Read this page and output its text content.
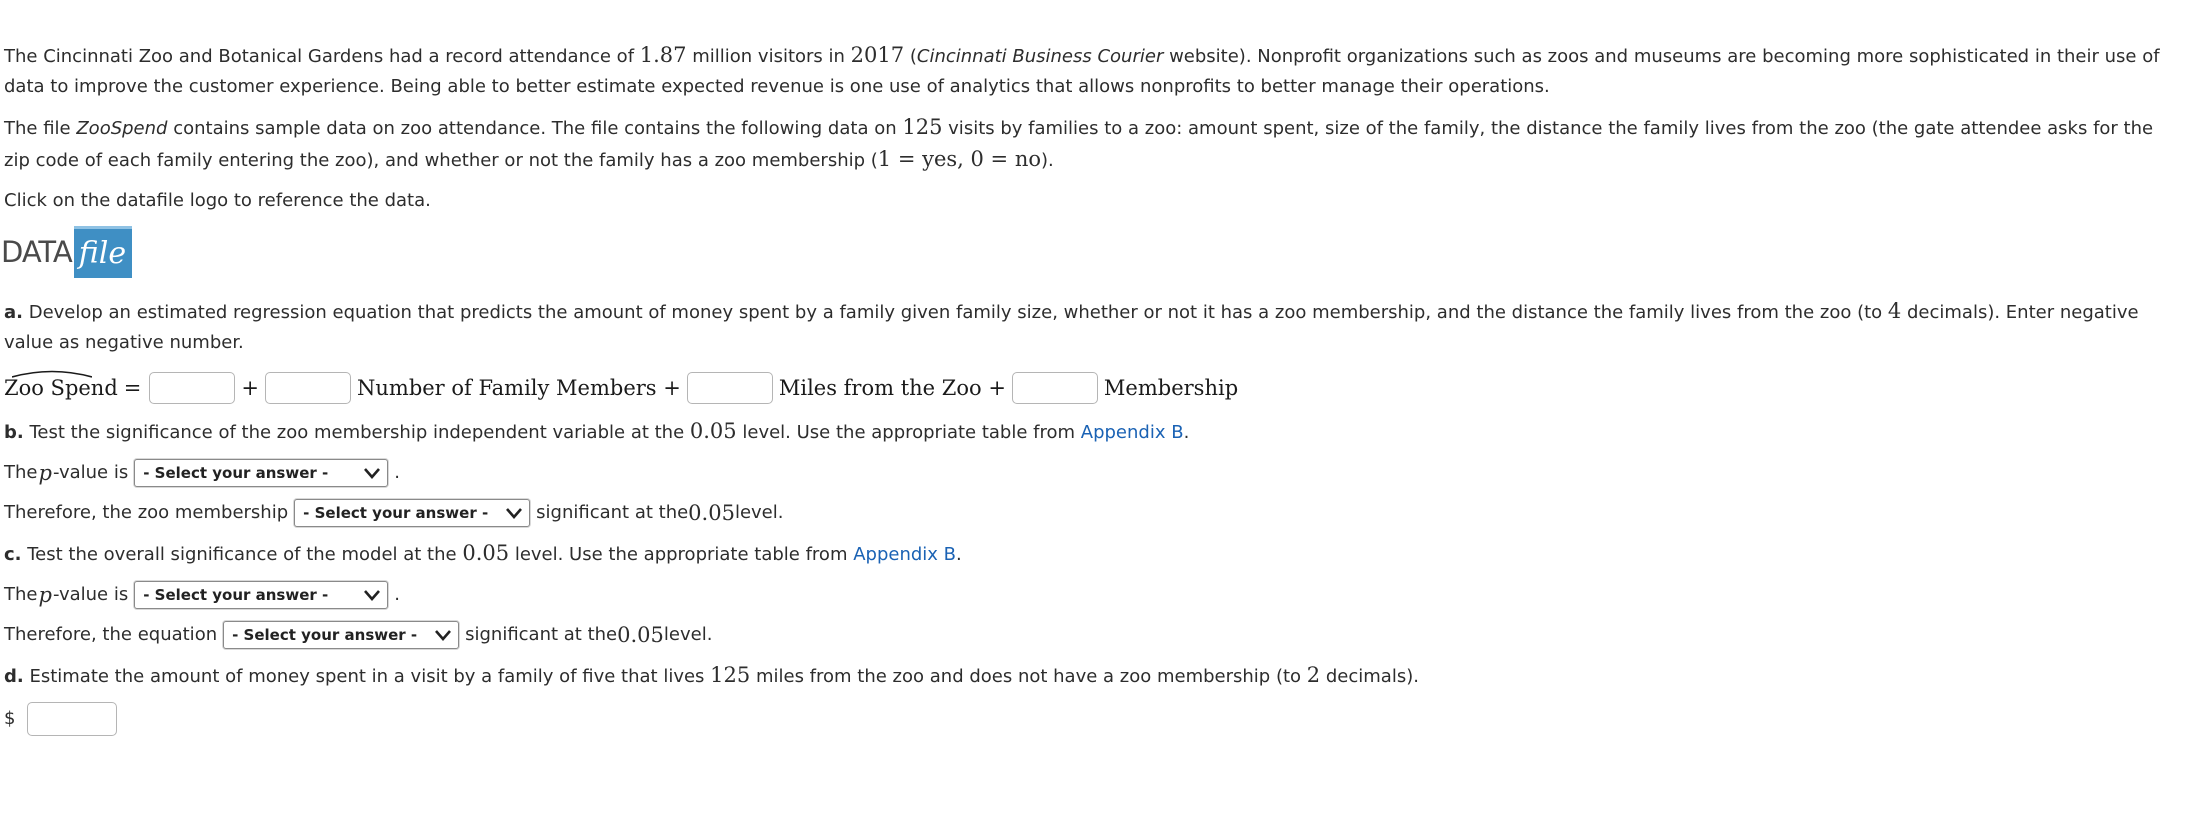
The Cincinnati Zoo and Botanical Gardens had a record attendance of 1.87 million visitors in 2017 (Cincinnati Business Courier website). Nonprofit organizations such as zoos and museums are becoming more sophisticated in their use of data to improve the customer experience. Being able to better estimate expected revenue is one use of analytics that allows nonprofits to better manage their operations.

The file ZooSpend contains sample data on zoo attendance. The file contains the following data on 125 visits by families to a zoo: amount spent, size of the family, the distance the family lives from the zoo (the gate attendee asks for the zip code of each family entering the zoo), and whether or not the family has a zoo membership (1 = yes, 0 = no).

Click on the datafile logo to reference the data.

DATA file

a. Develop an estimated regression equation that predicts the amount of money spent by a family given family size, whether or not it has a zoo membership, and the distance the family lives from the zoo (to 4 decimals). Enter negative value as negative number.

Zoo Spend =	+	Number of Family Members +	Miles from the Zoo +	Membership

b. Test the significance of the zoo membership independent variable at the 0.05 level. Use the appropriate table from Appendix B.

The p -value is - Select your answer -	.
Therefore, the zoo membership - Select your answer -	significant at the 0.05 level.

c. Test the overall significance of the model at the 0.05 level. Use the appropriate table from Appendix B.

The p -value is - Select your answer -	.
Therefore, the equation - Select your answer -	significant at the 0.05 level.

d. Estimate the amount of money spent in a visit by a family of five that lives 125 miles from the zoo and does not have a zoo membership (to 2 decimals).

$
